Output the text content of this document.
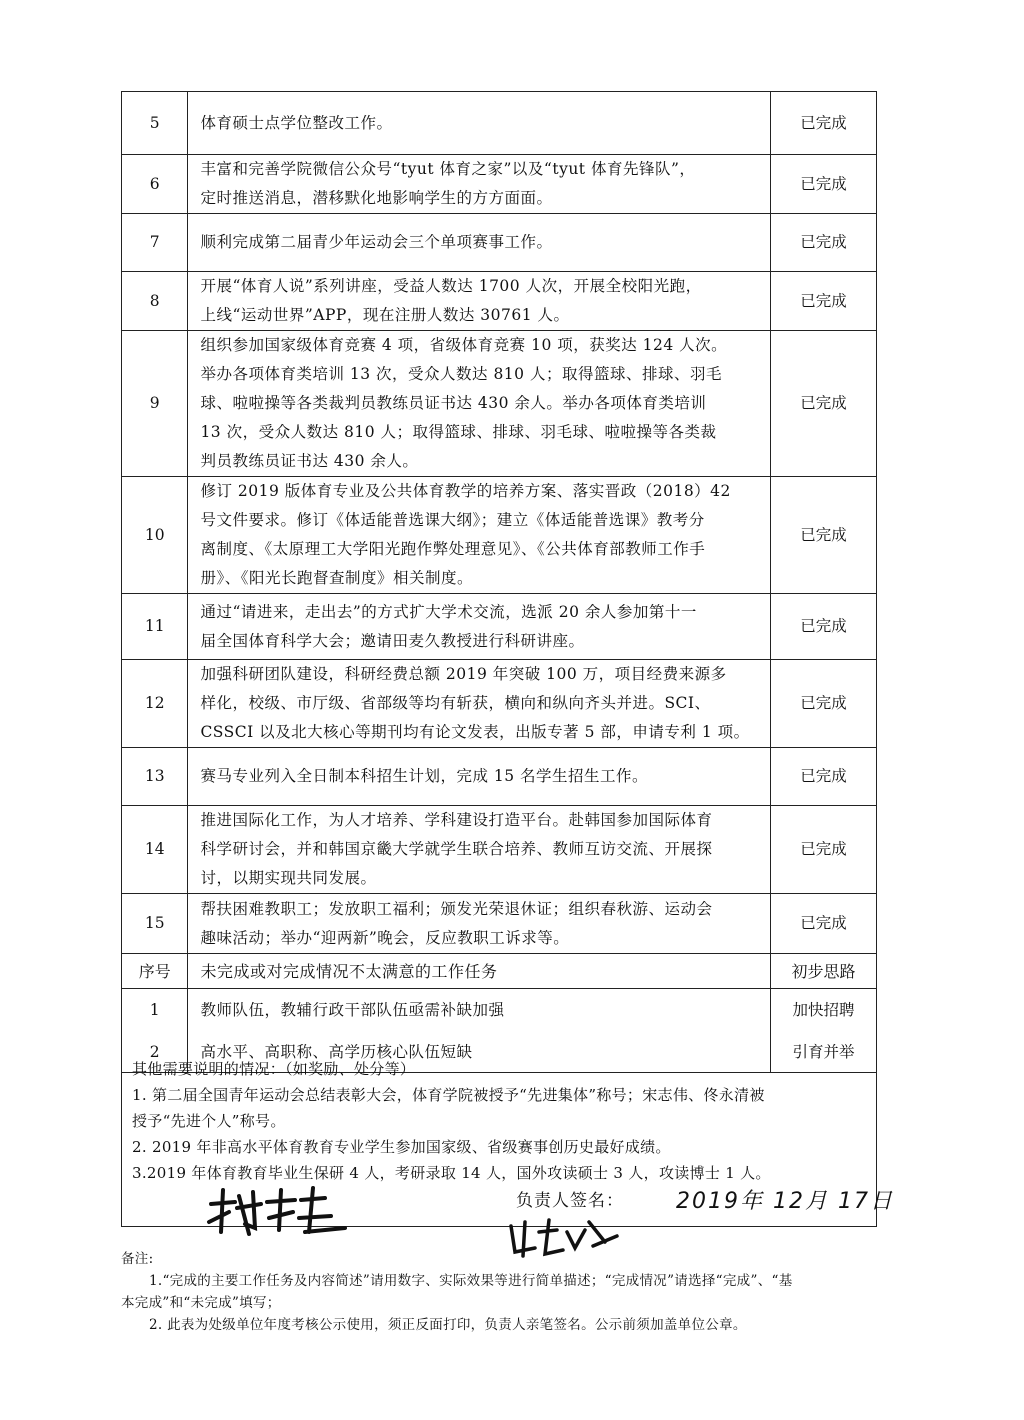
5	体育硕士点学位整改工作。	已完成
6	丰富和完善学院微信公众号“tyut 体育之家”以及“tyut 体育先锋队”，
定时推送消息，潜移默化地影响学生的方方面面。	已完成
7	顺利完成第二届青少年运动会三个单项赛事工作。	已完成
8	开展“体育人说”系列讲座，受益人数达 1700 人次，开展全校阳光跑，
上线“运动世界”APP，现在注册人数达 30761 人。	已完成
9	组织参加国家级体育竞赛 4 项，省级体育竞赛 10 项，获奖达 124 人次。
举办各项体育类培训 13 次，受众人数达 810 人；取得篮球、排球、羽毛
球、啦啦操等各类裁判员教练员证书达 430 余人。举办各项体育类培训
13 次，受众人数达 810 人；取得篮球、排球、羽毛球、啦啦操等各类裁
判员教练员证书达 430 余人。	已完成
10	修订 2019 版体育专业及公共体育教学的培养方案、落实晋政（2018）42
号文件要求。修订《体适能普选课大纲》；建立《体适能普选课》教考分
离制度、《太原理工大学阳光跑作弊处理意见》、《公共体育部教师工作手
册》、《阳光长跑督查制度》相关制度。	已完成
11	通过“请进来，走出去”的方式扩大学术交流，选派 20 余人参加第十一
届全国体育科学大会；邀请田麦久教授进行科研讲座。	已完成
12	加强科研团队建设，科研经费总额 2019 年突破 100 万，项目经费来源多
样化，校级、市厅级、省部级等均有斩获，横向和纵向齐头并进。SCI、
CSSCI 以及北大核心等期刊均有论文发表，出版专著 5 部，申请专利 1 项。	已完成
13	赛马专业列入全日制本科招生计划，完成 15 名学生招生工作。	已完成
14	推进国际化工作，为人才培养、学科建设打造平台。赴韩国参加国际体育
科学研讨会，并和韩国京畿大学就学生联合培养、教师互访交流、开展探
讨，以期实现共同发展。	已完成
15	帮扶困难教职工；发放职工福利；颁发光荣退休证；组织春秋游、运动会
趣味活动；举办“迎两新”晚会，反应教职工诉求等。	已完成
序号	未完成或对完成情况不太满意的工作任务	初步思路
1	教师队伍，教辅行政干部队伍亟需补缺加强	加快招聘
2	高水平、高职称、高学历核心队伍短缺	引育并举

其他需要说明的情况：（如奖励、处分等）

1. 第二届全国青年运动会总结表彰大会，体育学院被授予“先进集体”称号；宋志伟、佟永清被

授予“先进个人”称号。

2. 2019 年非高水平体育教育专业学生参加国家级、省级赛事创历史最好成绩。

3.2019 年体育教育毕业生保研 4 人，考研录取 14 人，国外攻读硕士 3 人，攻读博士 1 人。

负责人签名： 2019年 12月 17日

备注:

1.“完成的主要工作任务及内容简述”请用数字、实际效果等进行简单描述；“完成情况”请选择“完成”、“基

本完成”和“未完成”填写；

2. 此表为处级单位年度考核公示使用，须正反面打印，负责人亲笔签名。公示前须加盖单位公章。
